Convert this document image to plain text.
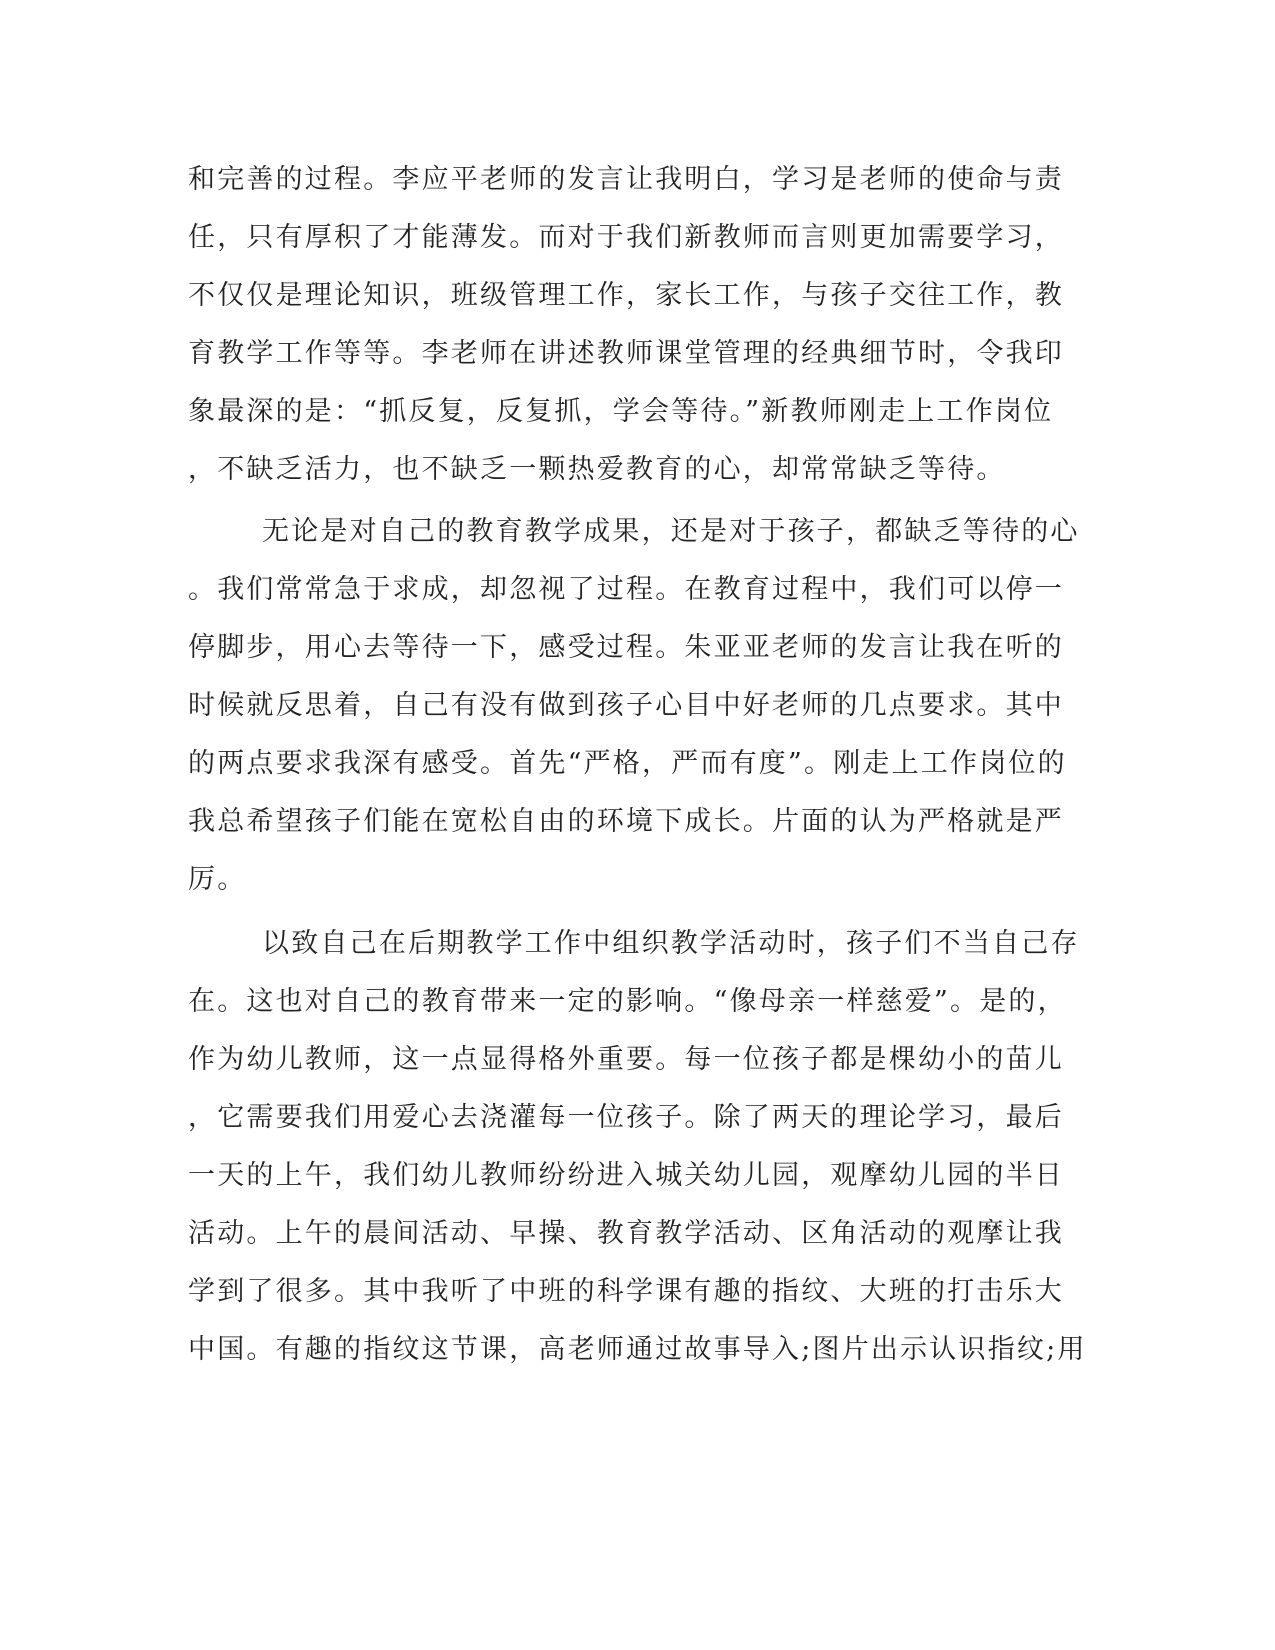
和完善的过程。李应平老师的发言让我明白，学习是老师的使命与责
任，只有厚积了才能薄发。而对于我们新教师而言则更加需要学习，
不仅仅是理论知识，班级管理工作，家长工作，与孩子交往工作，教
育教学工作等等。李老师在讲述教师课堂管理的经典细节时，令我印
象最深的是：“抓反复，反复抓，学会等待。”新教师刚走上工作岗位
，不缺乏活力，也不缺乏一颗热爱教育的心，却常常缺乏等待。
无论是对自己的教育教学成果，还是对于孩子，都缺乏等待的心
。我们常常急于求成，却忽视了过程。在教育过程中，我们可以停一
停脚步，用心去等待一下，感受过程。朱亚亚老师的发言让我在听的
时候就反思着，自己有没有做到孩子心目中好老师的几点要求。其中
的两点要求我深有感受。首先“严格，严而有度”。刚走上工作岗位的
我总希望孩子们能在宽松自由的环境下成长。片面的认为严格就是严
厉。
以致自己在后期教学工作中组织教学活动时，孩子们不当自己存
在。这也对自己的教育带来一定的影响。“像母亲一样慈爱”。是的，
作为幼儿教师，这一点显得格外重要。每一位孩子都是棵幼小的苗儿
，它需要我们用爱心去浇灌每一位孩子。除了两天的理论学习，最后
一天的上午，我们幼儿教师纷纷进入城关幼儿园，观摩幼儿园的半日
活动。上午的晨间活动、早操、教育教学活动、区角活动的观摩让我
学到了很多。其中我听了中班的科学课有趣的指纹、大班的打击乐大
中国。有趣的指纹这节课，高老师通过故事导入;图片出示认识指纹;用
